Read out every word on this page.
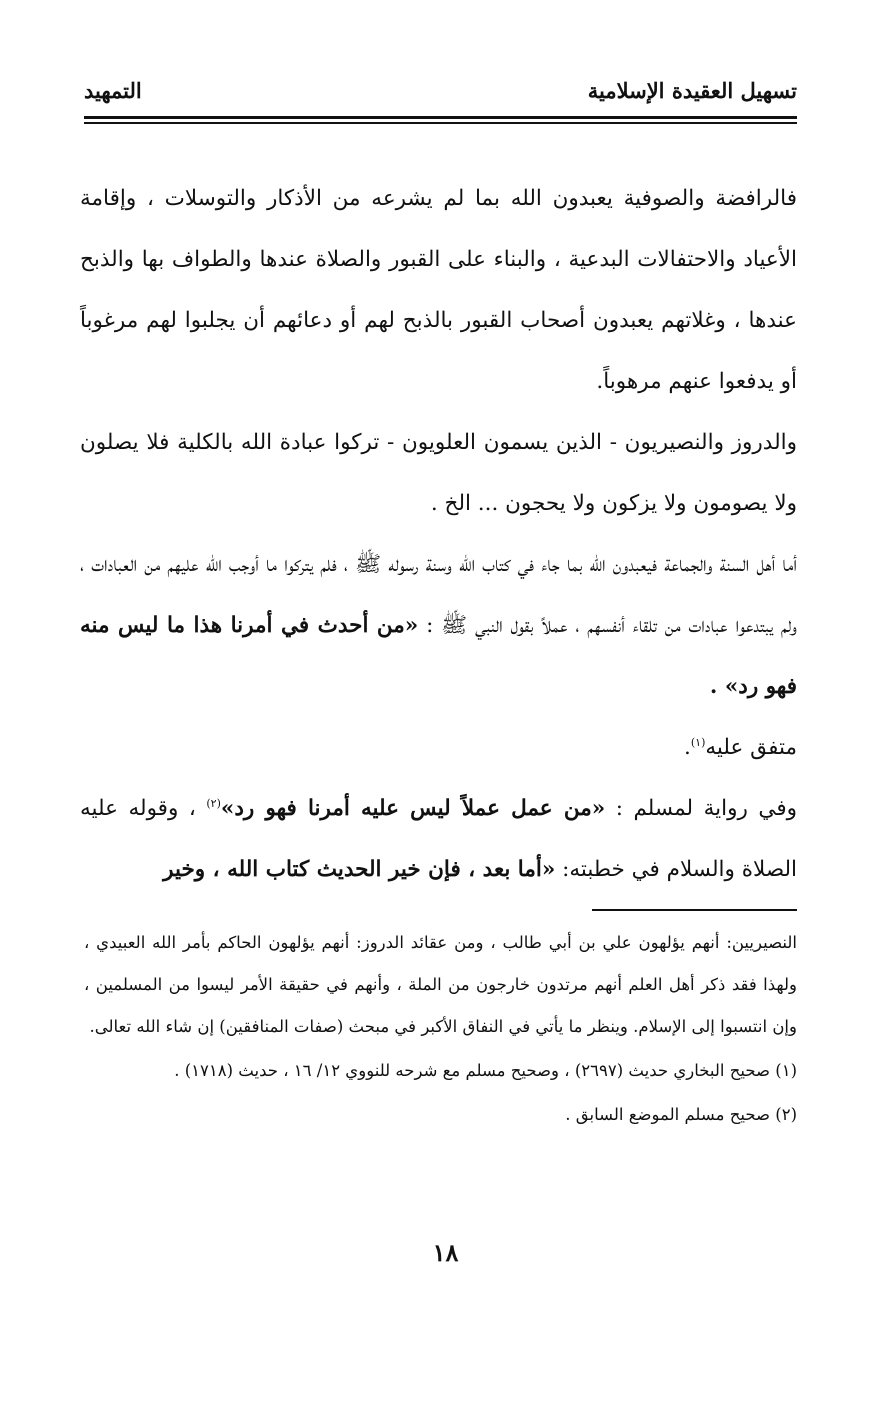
تسهيل العقيدة الإسلامية
التمهيد

فالرافضة والصوفية يعبدون الله بما لم يشرعه من الأذكار والتوسلات ، وإقامة الأعياد والاحتفالات البدعية ، والبناء على القبور والصلاة عندها والطواف بها والذبح عندها ، وغلاتهم يعبدون أصحاب القبور بالذبح لهم أو دعائهم أن يجلبوا لهم مرغوباً أو يدفعوا عنهم مرهوباً.

والدروز والنصيريون - الذين يسمون العلويون - تركوا عبادة الله بالكلية فلا يصلون ولا يصومون ولا يزكون ولا يحجون ... الخ .

أما أهل السنة والجماعة فيعبدون الله بما جاء في كتاب الله وسنة رسوله ﷺ ، فلم يتركوا ما أوجب الله عليهم من العبادات ، ولم يبتدعوا عبادات من تلقاء أنفسهم ، عملاً بقول النبي ﷺ : «من أحدث في أمرنا هذا ما ليس منه فهو رد» .
متفق عليه$^{(١)}$.

وفي رواية لمسلم : «من عمل عملاً ليس عليه أمرنا فهو رد»$^{(٢)}$ ، وقوله عليه الصلاة والسلام في خطبته: «أما بعد ، فإن خير الحديث كتاب الله ، وخير

النصيريين: أنهم يؤلهون علي بن أبي طالب ، ومن عقائد الدروز: أنهم يؤلهون الحاكم بأمر الله العبيدي ، ولهذا فقد ذكر أهل العلم أنهم مرتدون خارجون من الملة ، وأنهم في حقيقة الأمر ليسوا من المسلمين ، وإن انتسبوا إلى الإسلام. وينظر ما يأتي في النفاق الأكبر في مبحث (صفات المنافقين) إن شاء الله تعالى.

(١) صحيح البخاري حديث (٢٦٩٧) ، وصحيح مسلم مع شرحه للنووي ١٢/ ١٦ ، حديث (١٧١٨) .

(٢) صحيح مسلم الموضع السابق .

١٨
